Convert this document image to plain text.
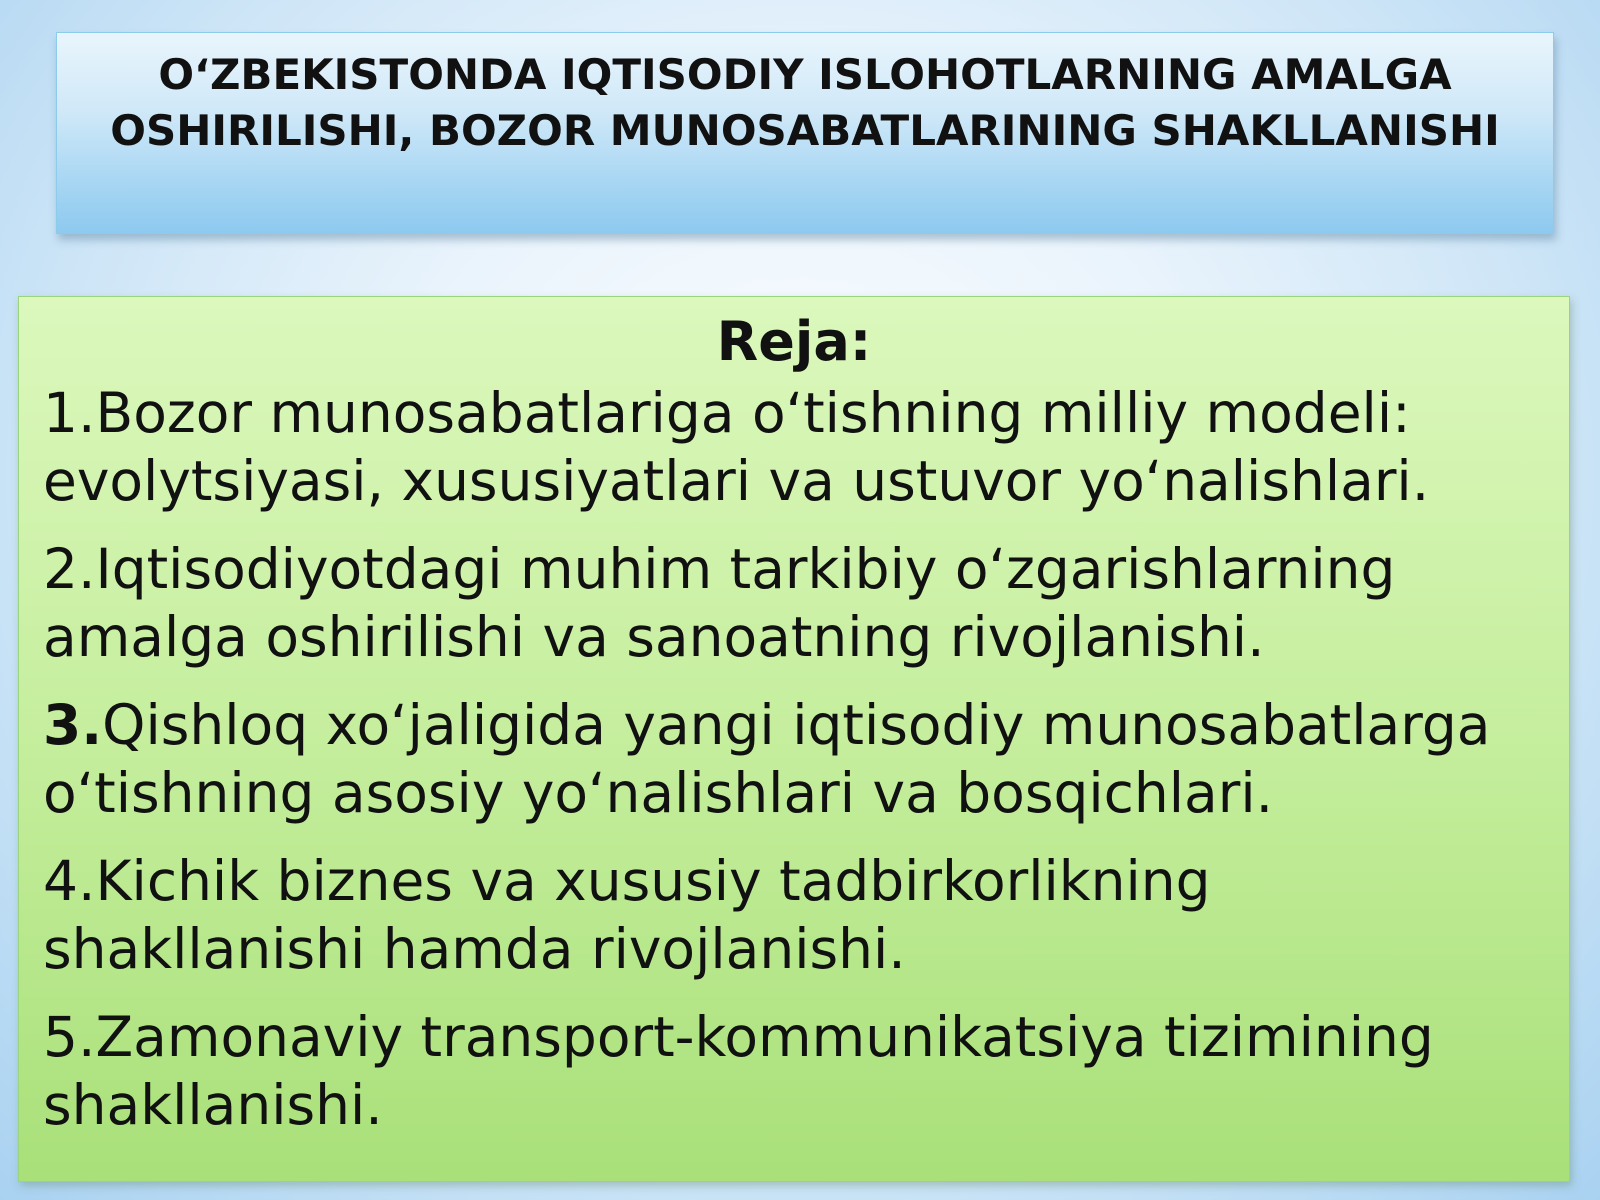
O‘ZBEKISTONDA IQTISODIY ISLOHOTLARNING AMALGA
OSHIRILISHI, BOZOR MUNOSABATLARINING SHAKLLANISHI
Reja:
1.Bozor munosabatlariga o‘tishning milliy modeli: evolytsiyasi, xususiyatlari va ustuvor yo‘nalishlari.
2.Iqtisodiyotdagi muhim tarkibiy o‘zgarishlarning amalga oshirilishi va sanoatning rivojlanishi.
3.Qishloq xo‘jaligida yangi iqtisodiy munosabatlarga o‘tishning asosiy yo‘nalishlari va bosqichlari.
4.Kichik biznes va xususiy tadbirkorlikning shakllanishi hamda rivojlanishi.
5.Zamonaviy transport-kommunikatsiya tizimining shakllanishi.
